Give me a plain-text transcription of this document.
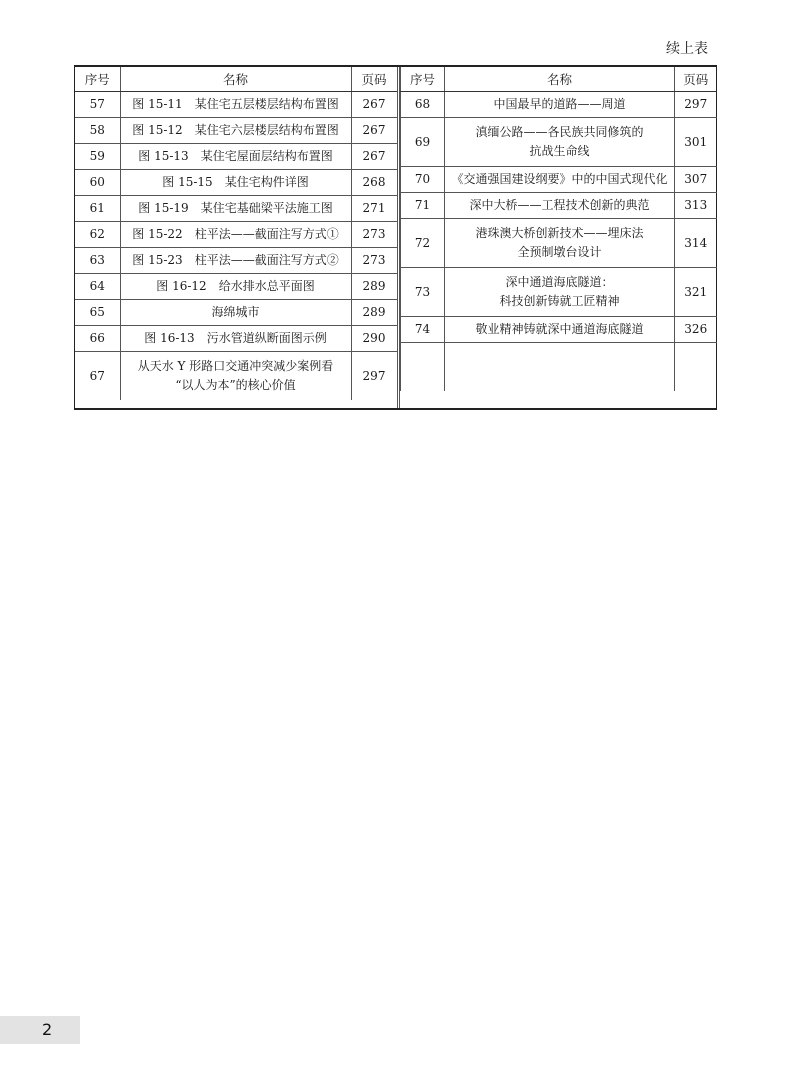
续上表
序号	名称	页码
57	图 15-11　某住宅五层楼层结构布置图	267
58	图 15-12　某住宅六层楼层结构布置图	267
59	图 15-13　某住宅屋面层结构布置图	267
60	图 15-15　某住宅构件详图	268
61	图 15-19　某住宅基础梁平法施工图	271
62	图 15-22　柱平法——截面注写方式①	273
63	图 15-23　柱平法——截面注写方式②	273
64	图 16-12　给水排水总平面图	289
65	海绵城市	289
66	图 16-13　污水管道纵断面图示例	290
67	从天水 Y 形路口交通冲突减少案例看
“以人为本”的核心价值	297
序号	名称	页码
68	中国最早的道路——周道	297
69	滇缅公路——各民族共同修筑的
抗战生命线	301
70	《交通强国建设纲要》中的中国式现代化	307
71	深中大桥——工程技术创新的典范	313
72	港珠澳大桥创新技术——埋床法
全预制墩台设计	314
73	深中通道海底隧道：
科技创新铸就工匠精神	321
74	敬业精神铸就深中通道海底隧道	326

2
